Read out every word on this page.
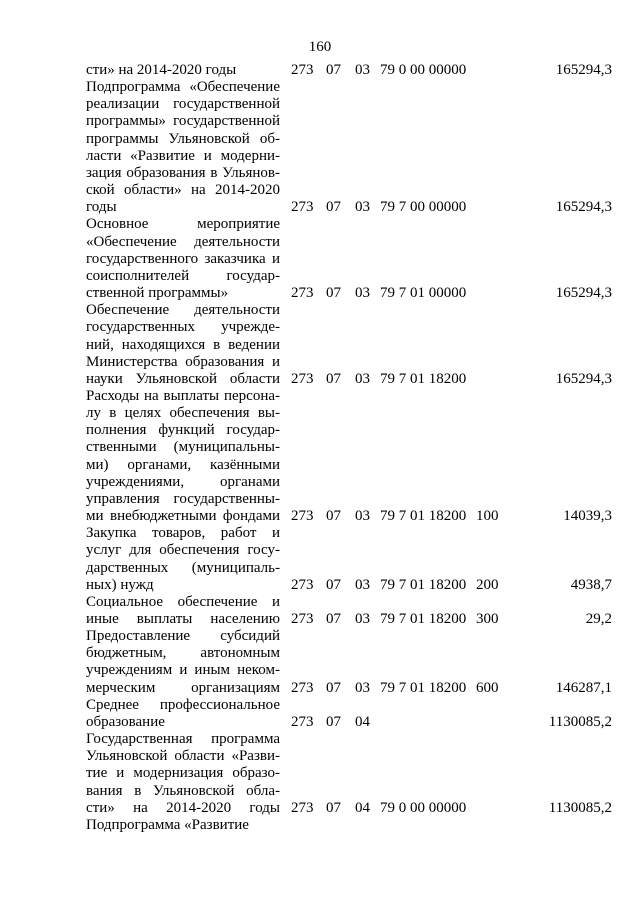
160
сти» на 2014-2020 годы	273 07 03 79 0 00 00000	165294,3
Подпрограмма «Обеспечение
реализации государственной
программы» государственной
программы Ульяновской об-
ласти «Развитие и модерни-
зация образования в Ульянов-
ской области» на 2014-2020
годы	273 07 03 79 7 00 00000	165294,3
Основное мероприятие
«Обеспечение деятельности
государственного заказчика и
соисполнителей государ-
ственной программы»	273 07 03 79 7 01 00000	165294,3
Обеспечение деятельности
государственных учрежде-
ний, находящихся в ведении
Министерства образования и
науки Ульяновской области 273 07 03 79 7 01 18200	165294,3
Расходы на выплаты персона-
лу в целях обеспечения вы-
полнения функций государ-
ственными (муниципальны-
ми) органами, казёнными
учреждениями, органами
управления государственны-
ми внебюджетными фондами 273 07 03 79 7 01 18200 100	14039,3
Закупка товаров, работ и
услуг для обеспечения госу-
дарственных (муниципаль-
ных) нужд	273 07 03 79 7 01 18200 200	4938,7
Социальное обеспечение и
иные выплаты населению 273 07 03 79 7 01 18200 300	29,2
Предоставление субсидий
бюджетным, автономным
учреждениям и иным неком-
мерческим организациям 273 07 03 79 7 01 18200 600	146287,1
Среднее профессиональное
образование	273 07 04	1130085,2
Государственная программа
Ульяновской области «Разви-
тие и модернизация образо-
вания в Ульяновской обла-
сти» на 2014-2020 годы 273 07 04 79 0 00 00000	1130085,2
Подпрограмма «Развитие
